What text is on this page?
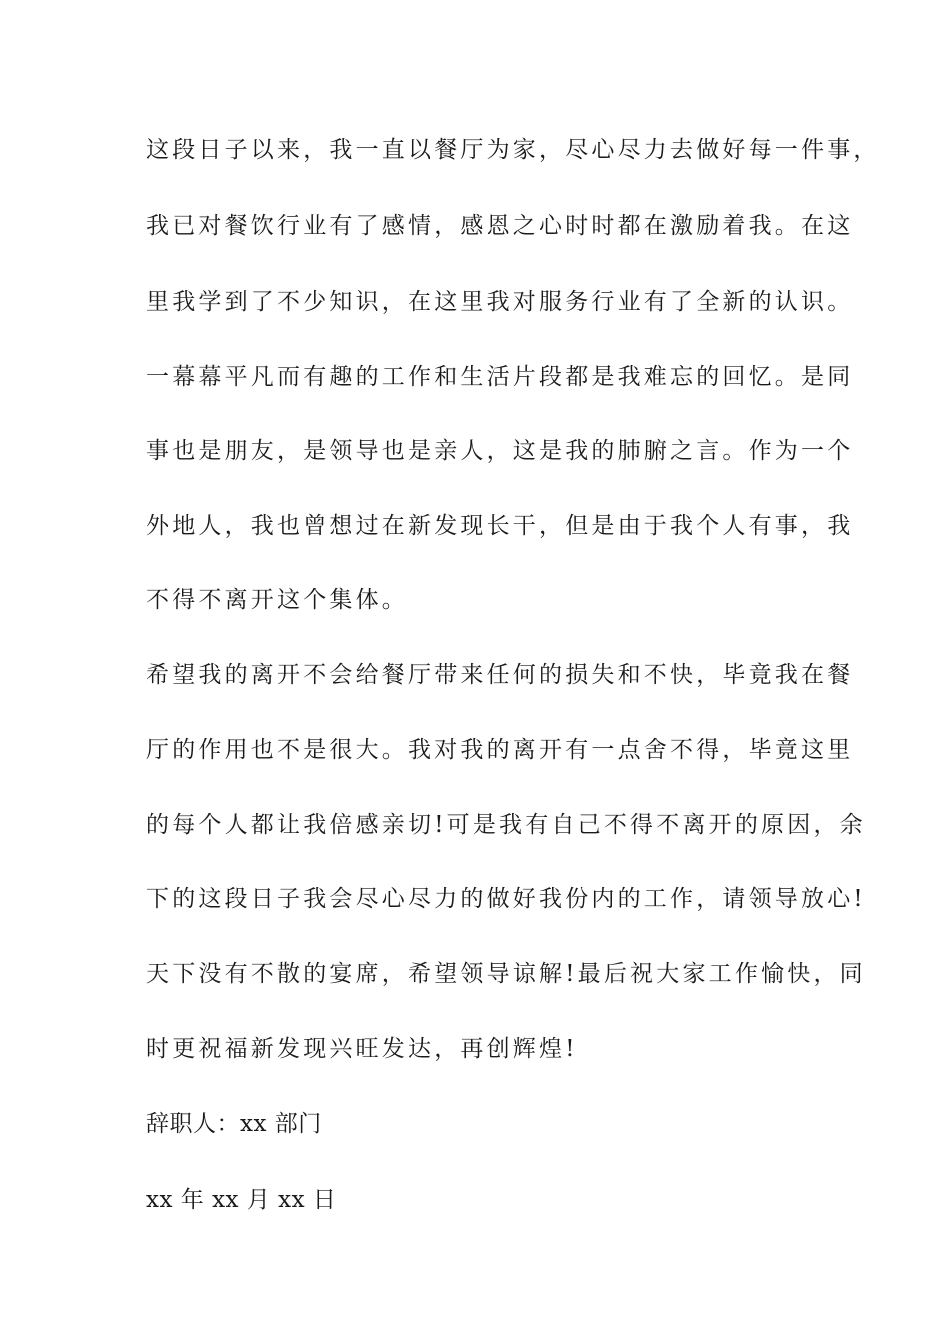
这段日子以来，我一直以餐厅为家，尽心尽力去做好每一件事，
我已对餐饮行业有了感情，感恩之心时时都在激励着我。在这
里我学到了不少知识，在这里我对服务行业有了全新的认识。
一幕幕平凡而有趣的工作和生活片段都是我难忘的回忆。是同
事也是朋友，是领导也是亲人，这是我的肺腑之言。作为一个
外地人，我也曾想过在新发现长干，但是由于我个人有事，我
不得不离开这个集体。
希望我的离开不会给餐厅带来任何的损失和不快，毕竟我在餐
厅的作用也不是很大。我对我的离开有一点舍不得，毕竟这里
的每个人都让我倍感亲切!可是我有自己不得不离开的原因，余
下的这段日子我会尽心尽力的做好我份内的工作，请领导放心!
天下没有不散的宴席，希望领导谅解!最后祝大家工作愉快，同
时更祝福新发现兴旺发达，再创辉煌!
辞职人：xx 部门
xx 年 xx 月 xx 日
